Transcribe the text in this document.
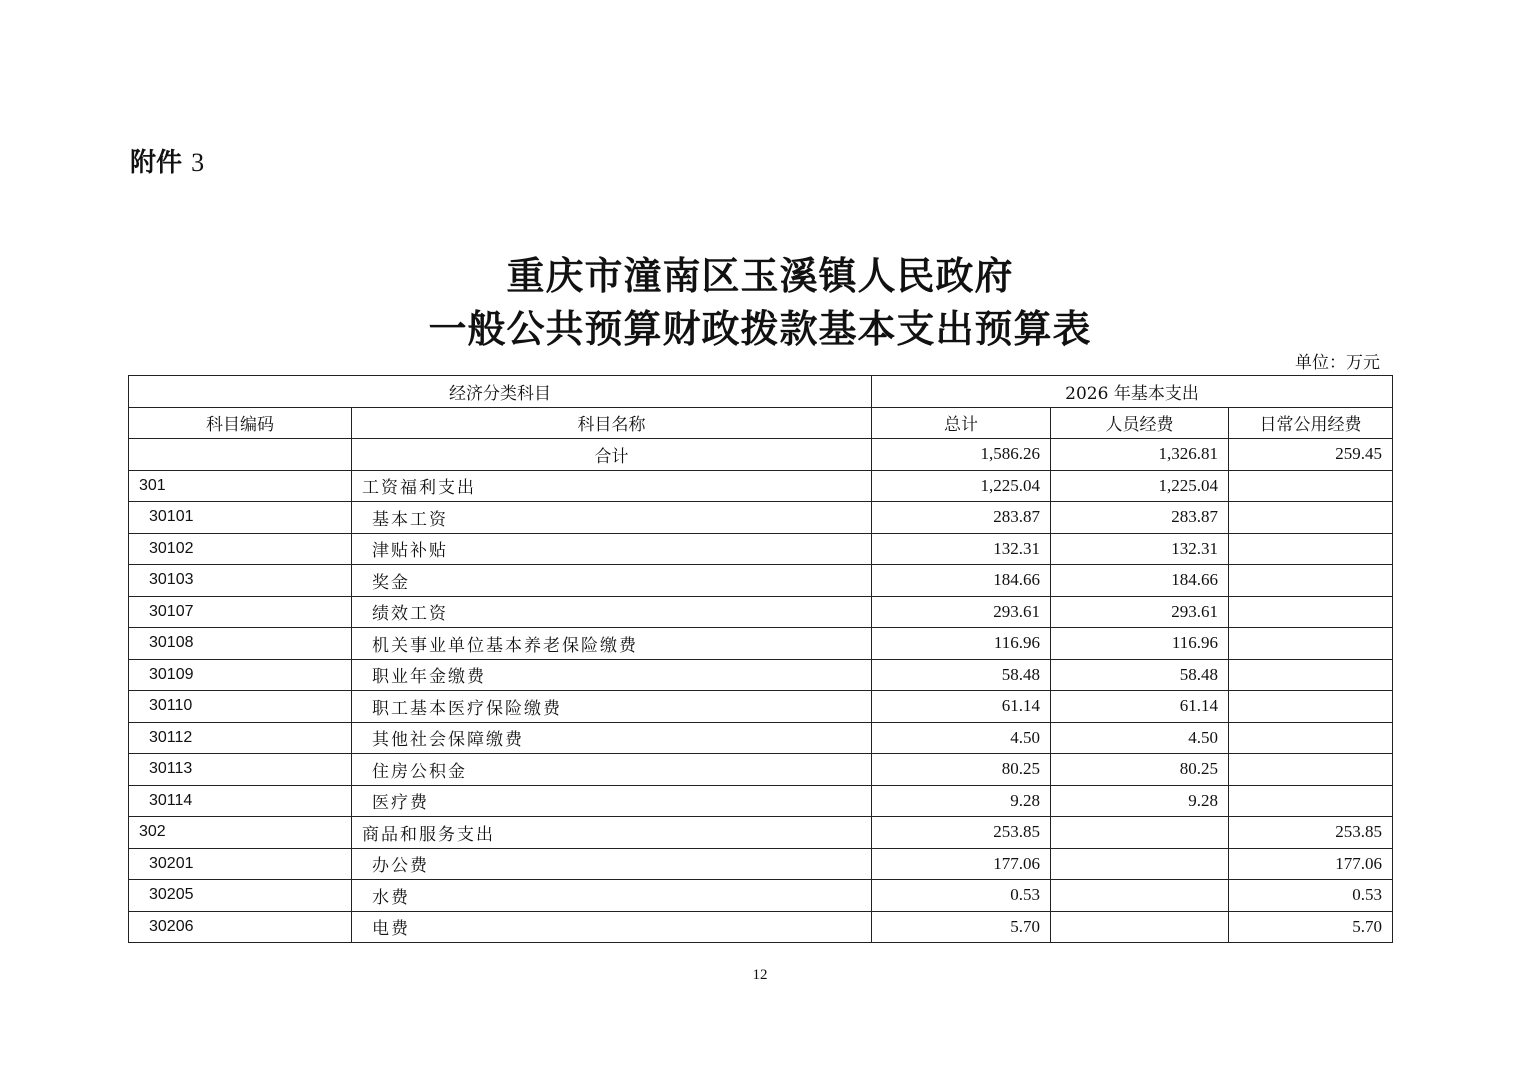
附件 3
重庆市潼南区玉溪镇人民政府
一般公共预算财政拨款基本支出预算表
单位：万元
经济分类科目		2026 年基本支出		
科目编码	科目名称	总计	人员经费	日常公用经费
	合计	1,586.26	1,326.81	259.45
301	工资福利支出	1,225.04	1,225.04	
30101	基本工资	283.87	283.87	
30102	津贴补贴	132.31	132.31	
30103	奖金	184.66	184.66	
30107	绩效工资	293.61	293.61	
30108	机关事业单位基本养老保险缴费	116.96	116.96	
30109	职业年金缴费	58.48	58.48	
30110	职工基本医疗保险缴费	61.14	61.14	
30112	其他社会保障缴费	4.50	4.50	
30113	住房公积金	80.25	80.25	
30114	医疗费	9.28	9.28	
302	商品和服务支出	253.85		253.85
30201	办公费	177.06		177.06
30205	水费	0.53		0.53
30206	电费	5.70		5.70
12
